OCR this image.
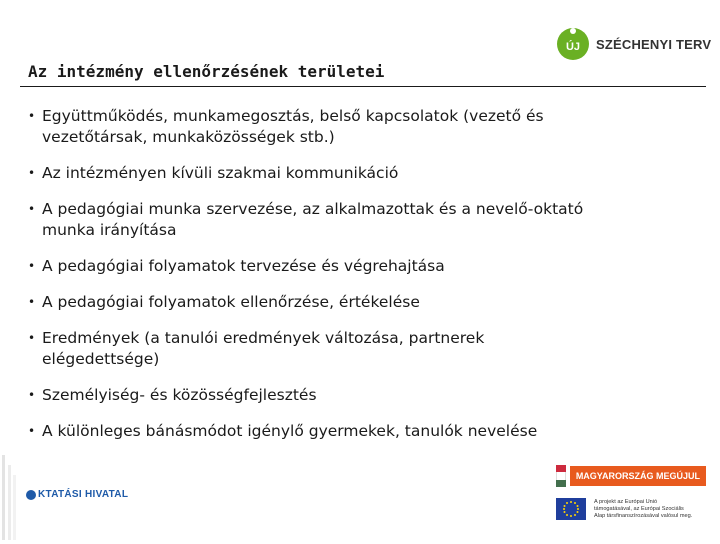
ÚJ SZÉCHENYI TERV
Az intézmény ellenőrzésének területei
• Együttműködés, munkamegosztás, belső kapcsolatok (vezető és
vezetőtársak, munkaközösségek stb.)
• Az intézményen kívüli szakmai kommunikáció
• A pedagógiai munka szervezése, az alkalmazottak és a nevelő-oktató
munka irányítása
• A pedagógiai folyamatok tervezése és végrehajtása
• A pedagógiai folyamatok ellenőrzése, értékelése
• Eredmények (a tanulói eredmények változása, partnerek
elégedettsége)
• Személyiség- és közösségfejlesztés
• A különleges bánásmódot igénylő gyermekek, tanulók nevelése
KTATÁSI HIVATAL
MAGYARORSZÁG MEGÚJUL
A projekt az Európai Unió támogatásával, az Európai Szociális Alap társfinanszírozásával valósul meg.
